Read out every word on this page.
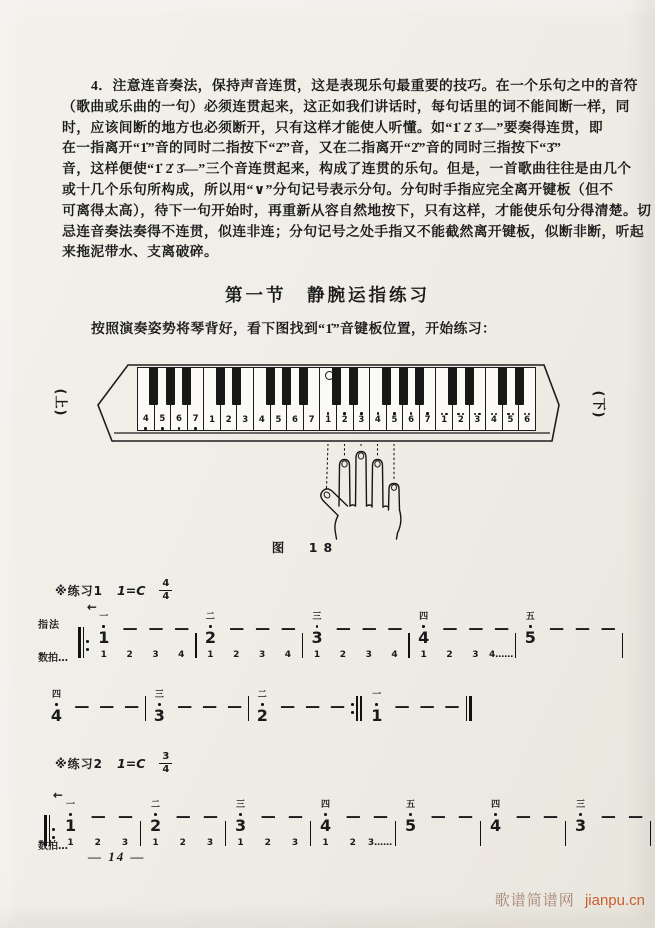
4．注意连音奏法，保持声音连贯，这是表现乐句最重要的技巧。在一个乐句之中的音符
（歌曲或乐曲的一句）必须连贯起来，这正如我们讲话时，每句话里的词不能间断一样，同
时，应该间断的地方也必须断开，只有这样才能使人听懂。如“1̇ 2̇ 3̇—”要奏得连贯，即
在一指离开“1̇”音的同时二指按下“2̇”音，又在二指离开“2̇”音的同时三指按下“3̇”
音，这样便使“1̇ 2̇ 3̇—”三个音连贯起来，构成了连贯的乐句。但是，一首歌曲往往是由几个
或十几个乐句所构成，所以用“∨”分句记号表示分句。分句时手指应完全离开键板（但不
可离得太高），待下一句开始时，再重新从容自然地按下，只有这样，才能使乐句分得清楚。切
忌连音奏法奏得不连贯，似连非连；分句记号之处手指又不能截然离开键板，似断非断，听起
来拖泥带水、支离破碎。
第一节　静腕运指练习
按照演奏姿势将琴背好，看下图找到“1̇”音键板位置，开始练习：
(上)
4 5 6 7 1 2 3 4 5 6 7 1 2 3 4 5 6 7 1 2 3 4 5 6
(下)
图　18
※练习1 1=C	4
4
※练习2 1=C	3
4
指法
数拍…
←
一
1 — — —
1	2	3	4
二
2 — — —
1	2	3	4
三
3 — — —
1	2	3	4
四
4 — — —
1	2	3	4……
五
5 — — —
四
4 — — —
三
3 — — —
二
2 — — —
一
1 — — —
数拍…
←
一
1 — —
1	2	3
二
2 — —
1	2	3
三
3 — —
1	2	3
四
4 — —
1	2	3……
五
5 — —
四
4 — —
三
3 — —
— 14 —
歌谱简谱网 jianpu.cn
